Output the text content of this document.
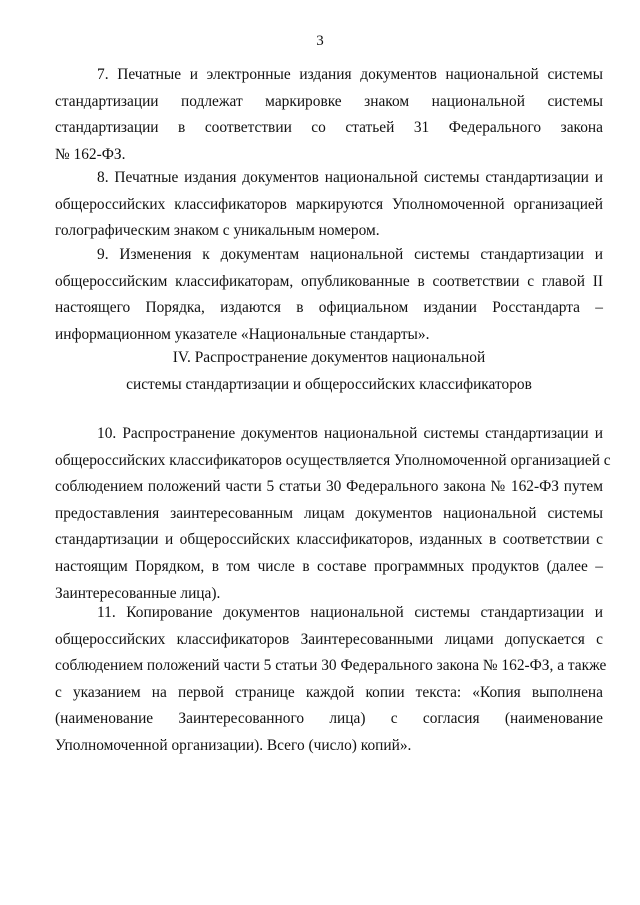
3
7. Печатные и электронные издания документов национальной системы
стандартизации подлежат маркировке знаком национальной системы
стандартизации в соответствии со статьей 31 Федерального закона
№ 162-ФЗ.
8. Печатные издания документов национальной системы стандартизации и
общероссийских классификаторов маркируются Уполномоченной организацией
голографическим знаком с уникальным номером.
9. Изменения к документам национальной системы стандартизации и
общероссийским классификаторам, опубликованные в соответствии с главой II
настоящего Порядка, издаются в официальном издании Росстандарта –
информационном указателе «Национальные стандарты».
IV. Распространение документов национальной
системы стандартизации и общероссийских классификаторов
10. Распространение документов национальной системы стандартизации и
общероссийских классификаторов осуществляется Уполномоченной организацией с
соблюдением положений части 5 статьи 30 Федерального закона № 162-ФЗ путем
предоставления заинтересованным лицам документов национальной системы
стандартизации и общероссийских классификаторов, изданных в соответствии с
настоящим Порядком, в том числе в составе программных продуктов (далее –
Заинтересованные лица).
11. Копирование документов национальной системы стандартизации и
общероссийских классификаторов Заинтересованными лицами допускается с
соблюдением положений части 5 статьи 30 Федерального закона № 162-ФЗ, а также
с указанием на первой странице каждой копии текста: «Копия выполнена
(наименование Заинтересованного лица) с согласия (наименование
Уполномоченной организации). Всего (число) копий».
